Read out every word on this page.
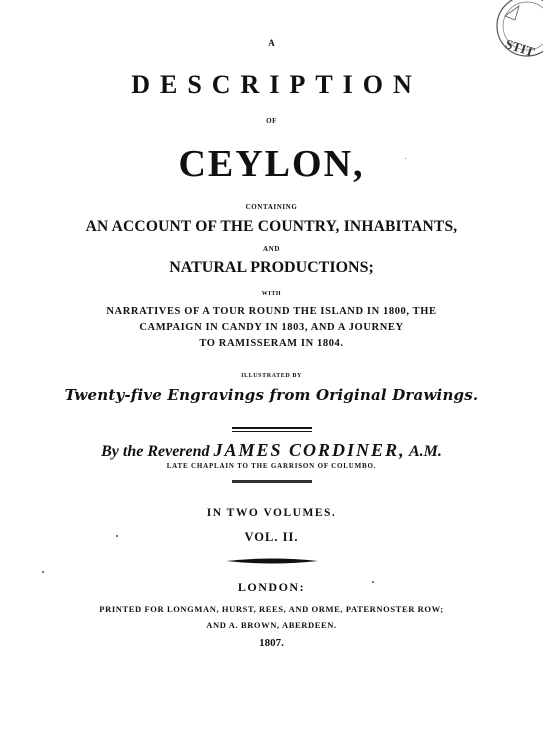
STIT

A

DESCRIPTION

OF

CEYLON,

CONTAINING

AN ACCOUNT OF THE COUNTRY, INHABITANTS,

AND

NATURAL PRODUCTIONS;

WITH

NARRATIVES OF A TOUR ROUND THE ISLAND IN 1800, THE

CAMPAIGN IN CANDY IN 1803, AND A JOURNEY

TO RAMISSERAM IN 1804.

ILLUSTRATED BY

Twenty-five Engravings from Original Drawings.

By the Reverend JAMES CORDINER, A.M.

LATE CHAPLAIN TO THE GARRISON OF COLUMBO.

IN TWO VOLUMES.

VOL. II.

LONDON:

PRINTED FOR LONGMAN, HURST, REES, AND ORME, PATERNOSTER ROW;

AND A. BROWN, ABERDEEN.

1807.
